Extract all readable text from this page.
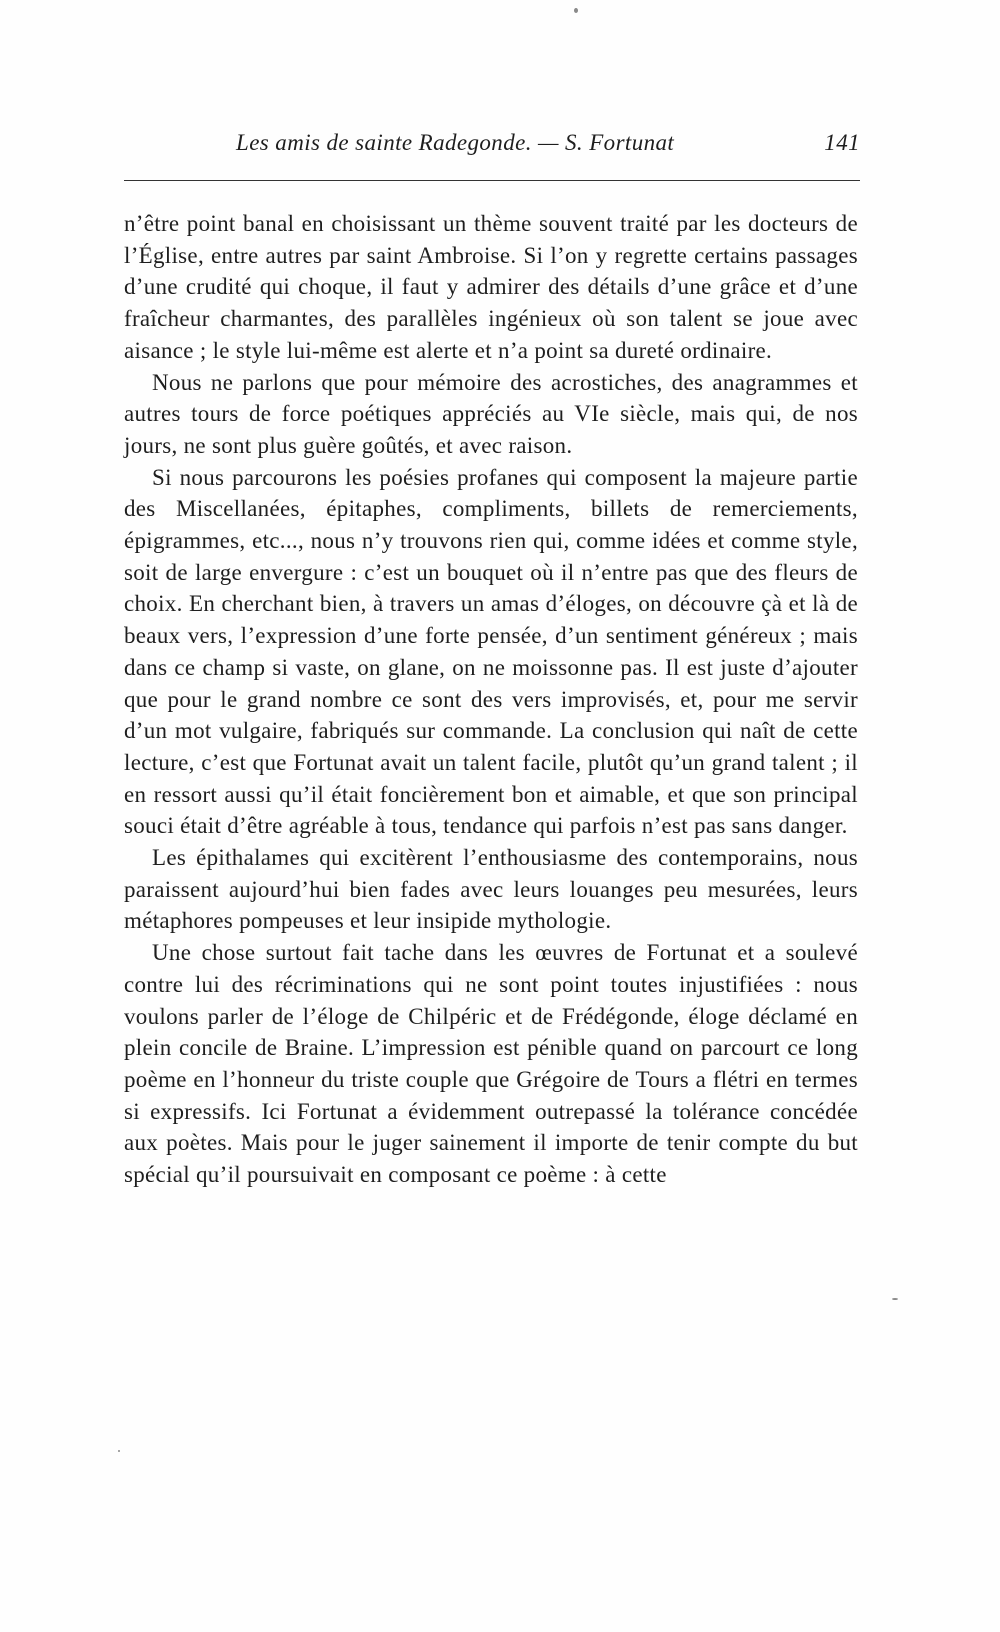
Les amis de sainte Radegonde. — S. Fortunat	141

n’être point banal en choisissant un thème souvent traité par les docteurs de l’Église, entre autres par saint Ambroise. Si l’on y regrette certains passages d’une crudité qui choque, il faut y admirer des détails d’une grâce et d’une fraîcheur charmantes, des parallèles ingénieux où son talent se joue avec aisance ; le style lui-même est alerte et n’a point sa dureté ordinaire.

Nous ne parlons que pour mémoire des acrostiches, des anagrammes et autres tours de force poétiques appréciés au VIe siècle, mais qui, de nos jours, ne sont plus guère goûtés, et avec raison.

Si nous parcourons les poésies profanes qui composent la majeure partie des Miscellanées, épitaphes, compliments, billets de remerciements, épigrammes, etc..., nous n’y trouvons rien qui, comme idées et comme style, soit de large envergure : c’est un bouquet où il n’entre pas que des fleurs de choix. En cherchant bien, à travers un amas d’éloges, on découvre çà et là de beaux vers, l’expression d’une forte pensée, d’un sentiment généreux ; mais dans ce champ si vaste, on glane, on ne moissonne pas. Il est juste d’ajouter que pour le grand nombre ce sont des vers improvisés, et, pour me servir d’un mot vulgaire, fabriqués sur commande. La conclusion qui naît de cette lecture, c’est que Fortunat avait un talent facile, plutôt qu’un grand talent ; il en ressort aussi qu’il était foncièrement bon et aimable, et que son principal souci était d’être agréable à tous, tendance qui parfois n’est pas sans danger.

Les épithalames qui excitèrent l’enthousiasme des contemporains, nous paraissent aujourd’hui bien fades avec leurs louanges peu mesurées, leurs métaphores pompeuses et leur insipide mythologie.

Une chose surtout fait tache dans les œuvres de Fortunat et a soulevé contre lui des récriminations qui ne sont point toutes injustifiées : nous voulons parler de l’éloge de Chilpéric et de Frédégonde, éloge déclamé en plein concile de Braine. L’impression est pénible quand on parcourt ce long poème en l’honneur du triste couple que Grégoire de Tours a flétri en termes si expressifs. Ici Fortunat a évidemment outrepassé la tolérance concédée aux poètes. Mais pour le juger sainement il importe de tenir compte du but spécial qu’il poursuivait en composant ce poème : à cette
